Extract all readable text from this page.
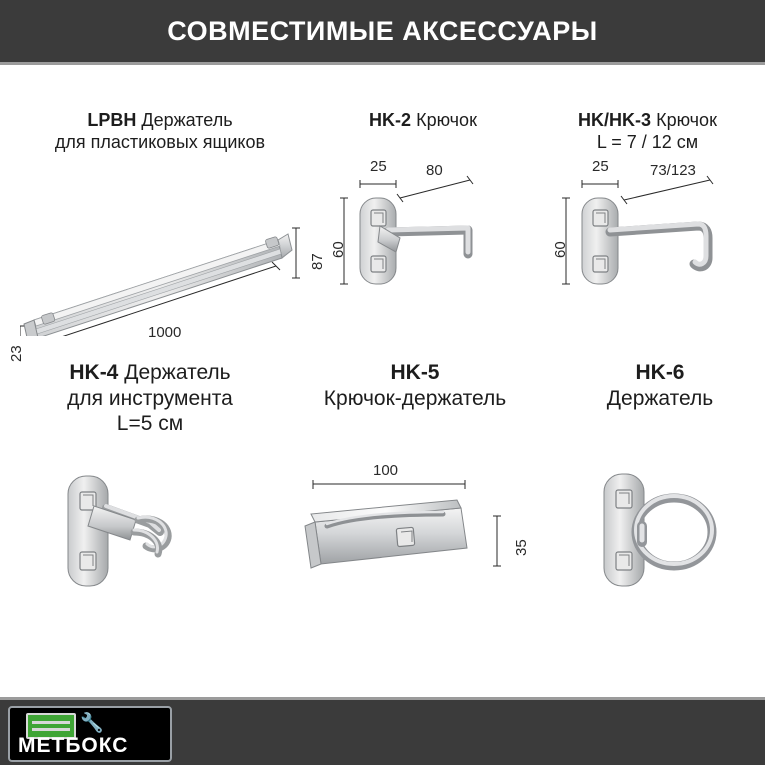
СОВМЕСТИМЫЕ АКСЕССУАРЫ
LPBH Держатель
для пластиковых ящиков
87
1000
23
HK-2 Крючок
25	80
60
HK/HK-3 Крючок
L = 7 / 12 см
25	73/123
60
HK-4 Держатель
для инструмента
L=5 см
HK-5
Крючок-держатель
100
35
HK-6
Держатель
🔧
МЕТБОКС
